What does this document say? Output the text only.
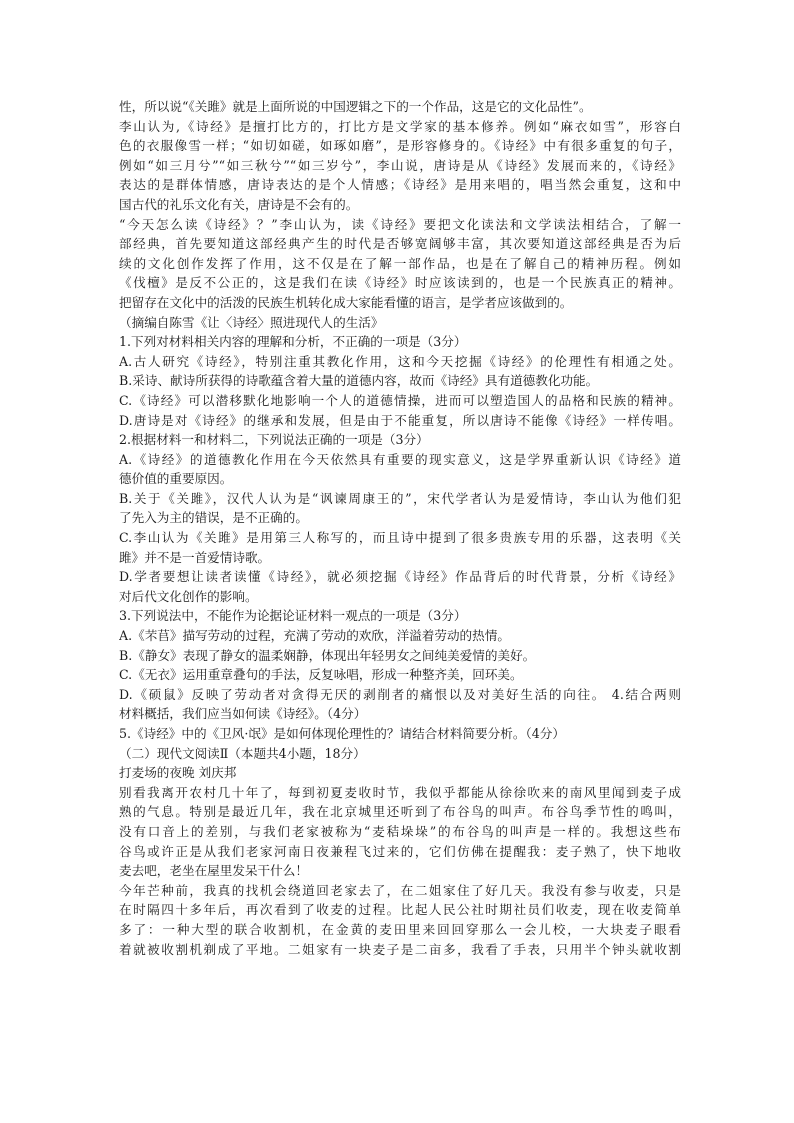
性，所以说“《关雎》就是上面所说的中国逻辑之下的一个作品，这是它的文化品性”。
李山认为,《诗经》是擅打比方的，打比方是文学家的基本修养。例如“麻衣如雪”，形容白
色的衣服像雪一样；“如切如磋，如琢如磨”，是形容修身的。《诗经》中有很多重复的句子，
例如“如三月兮”“如三秋兮”“如三岁兮”，李山说，唐诗是从《诗经》发展而来的，《诗经》
表达的是群体情感，唐诗表达的是个人情感；《诗经》是用来唱的，唱当然会重复，这和中
国古代的礼乐文化有关，唐诗是不会有的。
“今天怎么读《诗经》？”李山认为，读《诗经》要把文化读法和文学读法相结合，了解一
部经典，首先要知道这部经典产生的时代是否够宽阔够丰富，其次要知道这部经典是否为后
续的文化创作发挥了作用，这不仅是在了解一部作品，也是在了解自己的精神历程。例如
《伐檀》是反不公正的，这是我们在读《诗经》时应该读到的，也是一个民族真正的精神。
把留存在文化中的活泼的民族生机转化成大家能看懂的语言，是学者应该做到的。
（摘编自陈雪《让〈诗经〉照进现代人的生活》
1.下列对材料相关内容的理解和分析，不正确的一项是（3分）
A.古人研究《诗经》，特别注重其教化作用，这和今天挖掘《诗经》的伦理性有相通之处。
B.采诗、献诗所获得的诗歌蕴含着大量的道德内容，故而《诗经》具有道德教化功能。
C.《诗经》可以潜移默化地影响一个人的道德情操，进而可以塑造国人的品格和民族的精神。
D.唐诗是对《诗经》的继承和发展，但是由于不能重复，所以唐诗不能像《诗经》一样传唱。
2.根据材料一和材料二，下列说法正确的一项是（3分）
A.《诗经》的道德教化作用在今天依然具有重要的现实意义，这是学界重新认识《诗经》道
德价值的重要原因。
B.关于《关雎》，汉代人认为是“讽谏周康王的”，宋代学者认为是爱情诗，李山认为他们犯
了先入为主的错误，是不正确的。
C.李山认为《关雎》是用第三人称写的，而且诗中提到了很多贵族专用的乐器，这表明《关
雎》并不是一首爱情诗歌。
D.学者要想让读者读懂《诗经》，就必须挖掘《诗经》作品背后的时代背景，分析《诗经》
对后代文化创作的影响。
3.下列说法中，不能作为论据论证材料一观点的一项是（3分）
A.《芣苢》描写劳动的过程，充满了劳动的欢欣，洋溢着劳动的热情。
B.《静女》表现了静女的温柔娴静，体现出年轻男女之间纯美爱情的美好。
C.《无衣》运用重章叠句的手法，反复咏唱，形成一种整齐美，回环美。
D.《硕鼠》反映了劳动者对贪得无厌的剥削者的痛恨以及对美好生活的向往。 4.结合两则
材料概括，我们应当如何读《诗经》。（4分）
5.《诗经》中的《卫风·氓》是如何体现伦理性的？请结合材料简要分析。（4分）
（二）现代文阅读Ⅱ（本题共4小题，18分）
打麦场的夜晚 刘庆邦
别看我离开农村几十年了，每到初夏麦收时节，我似乎都能从徐徐吹来的南风里闻到麦子成
熟的气息。特别是最近几年，我在北京城里还听到了布谷鸟的叫声。布谷鸟季节性的鸣叫，
没有口音上的差别，与我们老家被称为“麦秸垛垛”的布谷鸟的叫声是一样的。我想这些布
谷鸟或许正是从我们老家河南日夜兼程飞过来的，它们仿佛在提醒我：麦子熟了，快下地收
麦去吧，老坐在屋里发呆干什么！
今年芒种前，我真的找机会绕道回老家去了，在二姐家住了好几天。我没有参与收麦，只是
在时隔四十多年后，再次看到了收麦的过程。比起人民公社时期社员们收麦，现在收麦简单
多了：一种大型的联合收割机，在金黄的麦田里来回回穿那么一会儿校，一大块麦子眼看
着就被收割机剃成了平地。二姐家有一块麦子是二亩多，我看了手表，只用半个钟头就收割
